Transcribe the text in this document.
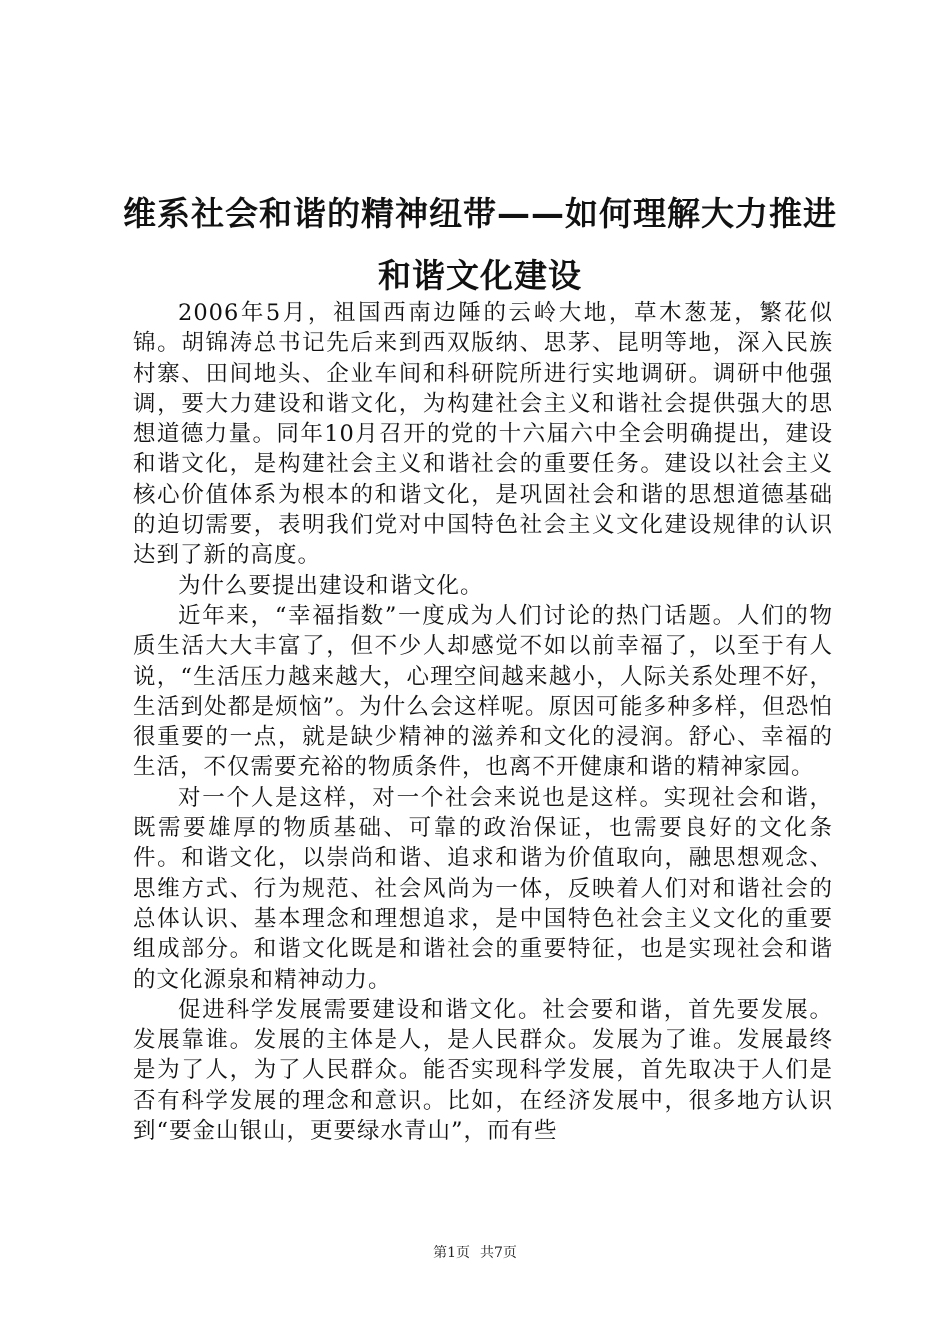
维系社会和谐的精神纽带——如何理解大力推进和谐文化建设

2006年5月，祖国西南边陲的云岭大地，草木葱茏，繁花似锦。胡锦涛总书记先后来到西双版纳、思茅、昆明等地，深入民族村寨、田间地头、企业车间和科研院所进行实地调研。调研中他强调，要大力建设和谐文化，为构建社会主义和谐社会提供强大的思想道德力量。同年10月召开的党的十六届六中全会明确提出，建设和谐文化，是构建社会主义和谐社会的重要任务。建设以社会主义核心价值体系为根本的和谐文化，是巩固社会和谐的思想道德基础的迫切需要，表明我们党对中国特色社会主义文化建设规律的认识达到了新的高度。

为什么要提出建设和谐文化。

近年来，“幸福指数”一度成为人们讨论的热门话题。人们的物质生活大大丰富了，但不少人却感觉不如以前幸福了，以至于有人说，“生活压力越来越大，心理空间越来越小，人际关系处理不好，生活到处都是烦恼”。为什么会这样呢。原因可能多种多样，但恐怕很重要的一点，就是缺少精神的滋养和文化的浸润。舒心、幸福的生活，不仅需要充裕的物质条件，也离不开健康和谐的精神家园。

对一个人是这样，对一个社会来说也是这样。实现社会和谐，既需要雄厚的物质基础、可靠的政治保证，也需要良好的文化条件。和谐文化，以崇尚和谐、追求和谐为价值取向，融思想观念、思维方式、行为规范、社会风尚为一体，反映着人们对和谐社会的总体认识、基本理念和理想追求，是中国特色社会主义文化的重要组成部分。和谐文化既是和谐社会的重要特征，也是实现社会和谐的文化源泉和精神动力。

促进科学发展需要建设和谐文化。社会要和谐，首先要发展。发展靠谁。发展的主体是人，是人民群众。发展为了谁。发展最终是为了人，为了人民群众。能否实现科学发展，首先取决于人们是否有科学发展的理念和意识。比如，在经济发展中，很多地方认识到“要金山银山，更要绿水青山”，而有些

第1页 共7页
